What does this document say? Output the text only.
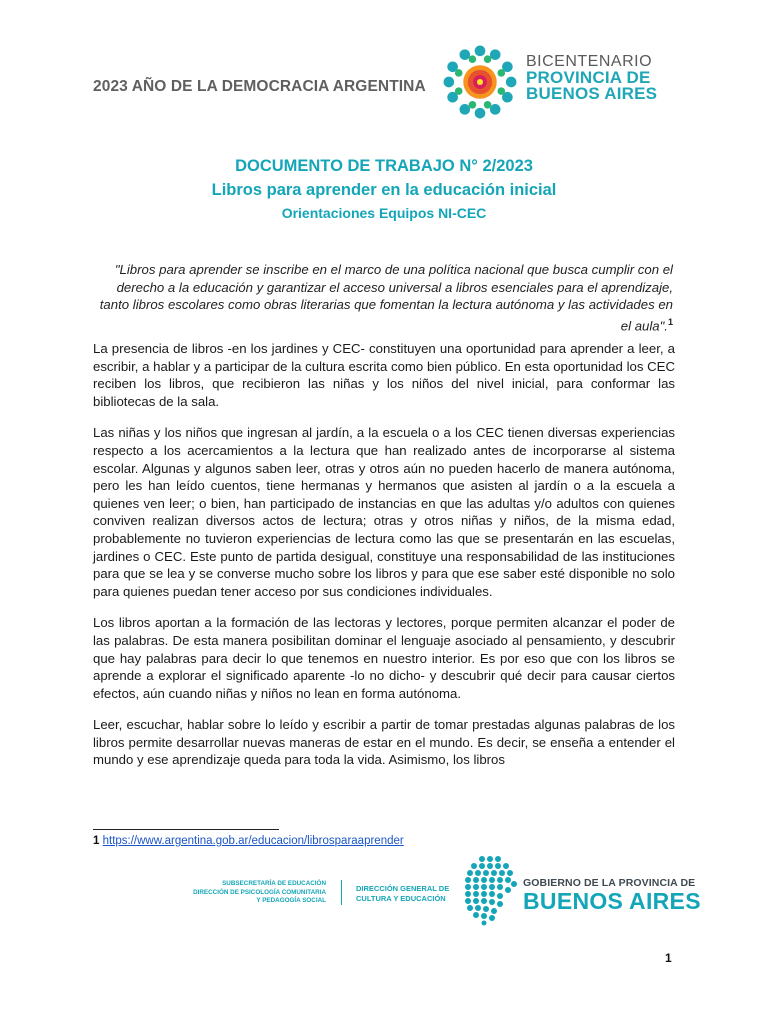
2023 AÑO DE LA DEMOCRACIA ARGENTINA
BICENTENARIO
PROVINCIA DE
BUENOS AIRES
DOCUMENTO DE TRABAJO N° 2/2023
Libros para aprender en la educación inicial
Orientaciones Equipos NI-CEC
"Libros para aprender se inscribe en el marco de una política nacional que busca cumplir con el derecho a la educación y garantizar el acceso universal a libros esenciales para el aprendizaje, tanto libros escolares como obras literarias que fomentan la lectura autónoma y las actividades en el aula".$^1$

La presencia de libros -en los jardines y CEC- constituyen una oportunidad para aprender a leer, a escribir, a hablar y a participar de la cultura escrita como bien público. En esta oportunidad los CEC reciben los libros, que recibieron las niñas y los niños del nivel inicial, para conformar las bibliotecas de la sala.

Las niñas y los niños que ingresan al jardín, a la escuela o a los CEC tienen diversas experiencias respecto a los acercamientos a la lectura que han realizado antes de incorporarse al sistema escolar. Algunas y algunos saben leer, otras y otros aún no pueden hacerlo de manera autónoma, pero les han leído cuentos, tiene hermanas y hermanos que asisten al jardín o a la escuela a quienes ven leer; o bien, han participado de instancias en que las adultas y/o adultos con quienes conviven realizan diversos actos de lectura; otras y otros niñas y niños, de la misma edad, probablemente no tuvieron experiencias de lectura como las que se presentarán en las escuelas, jardines o CEC. Este punto de partida desigual, constituye una responsabilidad de las instituciones para que se lea y se converse mucho sobre los libros y para que ese saber esté disponible no solo para quienes puedan tener acceso por sus condiciones individuales.

Los libros aportan a la formación de las lectoras y lectores, porque permiten alcanzar el poder de las palabras. De esta manera posibilitan dominar el lenguaje asociado al pensamiento, y descubrir que hay palabras para decir lo que tenemos en nuestro interior. Es por eso que con los libros se aprende a explorar el significado aparente -lo no dicho- y descubrir qué decir para causar ciertos efectos, aún cuando niñas y niños no lean en forma autónoma.

Leer, escuchar, hablar sobre lo leído y escribir a partir de tomar prestadas algunas palabras de los libros permite desarrollar nuevas maneras de estar en el mundo. Es decir, se enseña a entender el mundo y ese aprendizaje queda para toda la vida. Asimismo, los libros

1 https://www.argentina.gob.ar/educacion/librosparaaprender
SUBSECRETARÍA DE EDUCACIÓN
DIRECCIÓN DE PSICOLOGÍA COMUNITARIA
Y PEDAGOGÍA SOCIAL
DIRECCIÓN GENERAL DE
CULTURA Y EDUCACIÓN
GOBIERNO DE LA PROVINCIA DE
BUENOS AIRES
1
